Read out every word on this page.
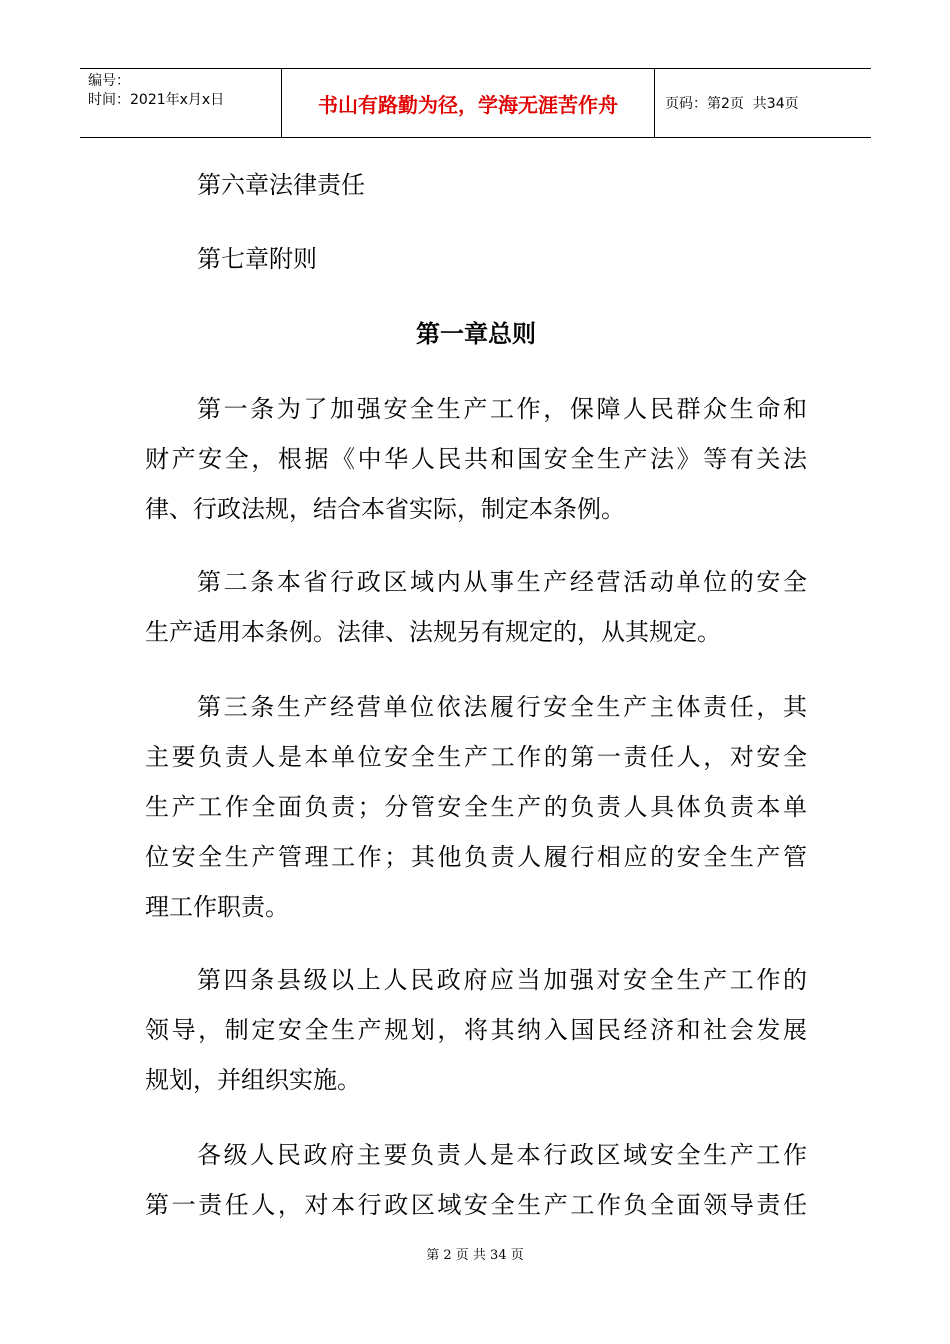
编号：
时间：2021年x月x日	书山有路勤为径，学海无涯苦作舟	页码：第2页  共34页
第六章法律责任
第七章附则
第一章总则
第一条为了加强安全生产工作，保障人民群众生命和
财产安全，根据《中华人民共和国安全生产法》等有关法
律、行政法规，结合本省实际，制定本条例。
第二条本省行政区域内从事生产经营活动单位的安全
生产适用本条例。法律、法规另有规定的，从其规定。
第三条生产经营单位依法履行安全生产主体责任，其
主要负责人是本单位安全生产工作的第一责任人，对安全
生产工作全面负责；分管安全生产的负责人具体负责本单
位安全生产管理工作；其他负责人履行相应的安全生产管
理工作职责。
第四条县级以上人民政府应当加强对安全生产工作的
领导，制定安全生产规划，将其纳入国民经济和社会发展
规划，并组织实施。
各级人民政府主要负责人是本行政区域安全生产工作
第一责任人，对本行政区域安全生产工作负全面领导责任
第 2 页 共 34 页
